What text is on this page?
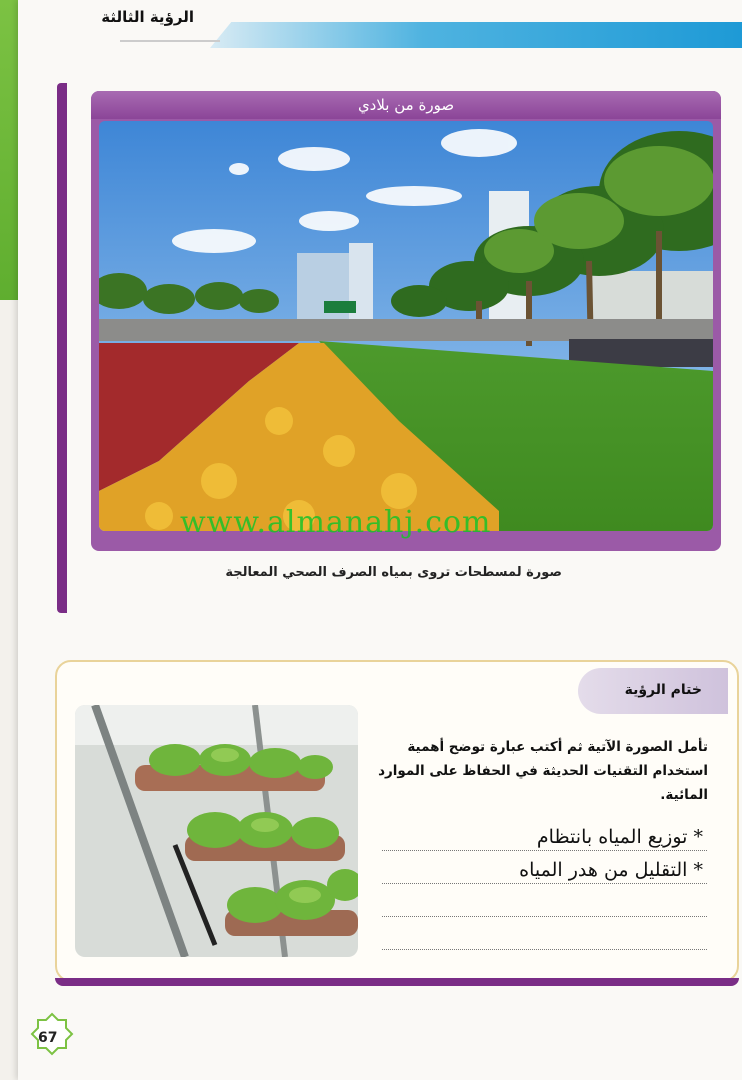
الرؤية الثالثة
صورة من بلادي
www.almanahj.com
صورة لمسطحات تروى بمياه الصرف الصحي المعالجة
ختام الرؤية
تأمل الصورة الآتية ثم أكتب عبارة توضح أهمية استخدام التقنيات الحديثة في الحفاظ على الموارد المائية.
* توزيع المياه بانتظام
* التقليل من هدر المياه
67
